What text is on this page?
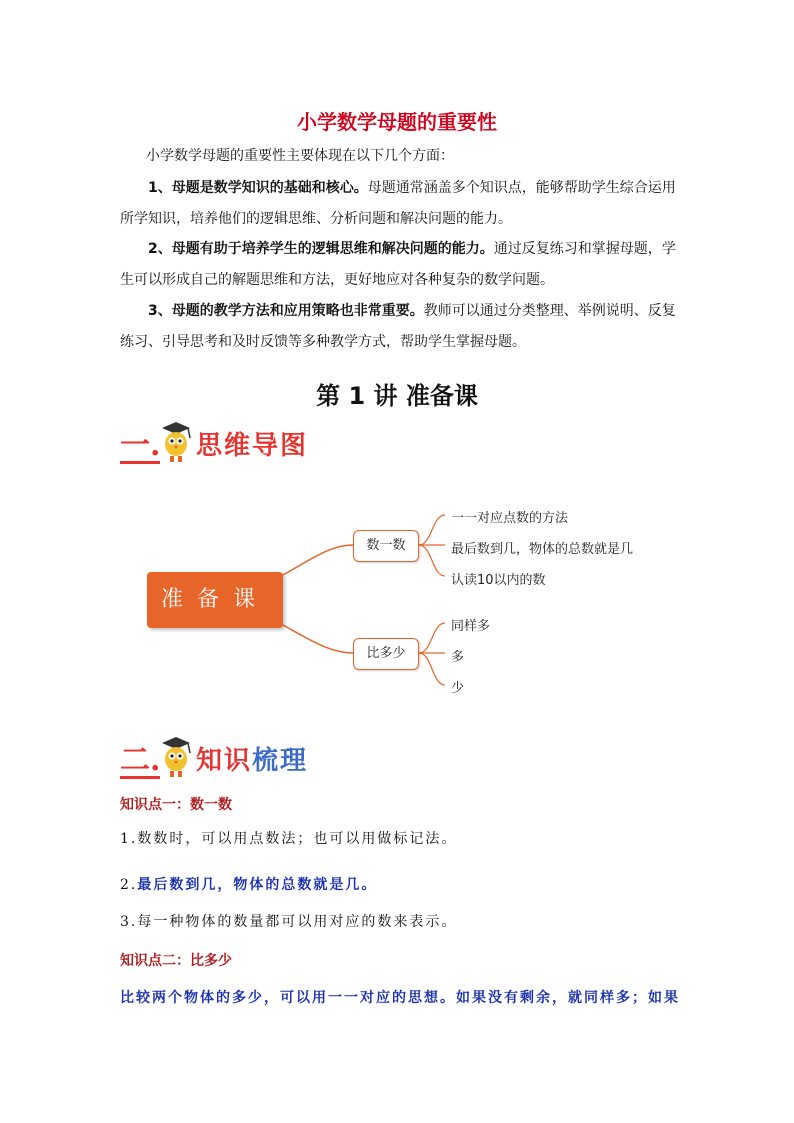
小学数学母题的重要性
小学数学母题的重要性主要体现在以下几个方面：
1、母题是数学知识的基础和核心。母题通常涵盖多个知识点，能够帮助学生综合运用所学知识，培养他们的逻辑思维、分析问题和解决问题的能力。
2、母题有助于培养学生的逻辑思维和解决问题的能力。通过反复练习和掌握母题，学生可以形成自己的解题思维和方法，更好地应对各种复杂的数学问题。
3、母题的教学方法和应用策略也非常重要。教师可以通过分类整理、举例说明、反复练习、引导思考和及时反馈等多种教学方式，帮助学生掌握母题。
第 1 讲 准备课
一. 思维导图
准备课
数一数
比多少
一一对应点数的方法
最后数到几，物体的总数就是几
认读10以内的数
同样多
多
少
二. 知识梳理
知识点一：数一数
1.数数时，可以用点数法；也可以用做标记法。
2.最后数到几，物体的总数就是几。
3.每一种物体的数量都可以用对应的数来表示。
知识点二：比多少
比较两个物体的多少，可以用一一对应的思想。如果没有剩余，就同样多；如果
